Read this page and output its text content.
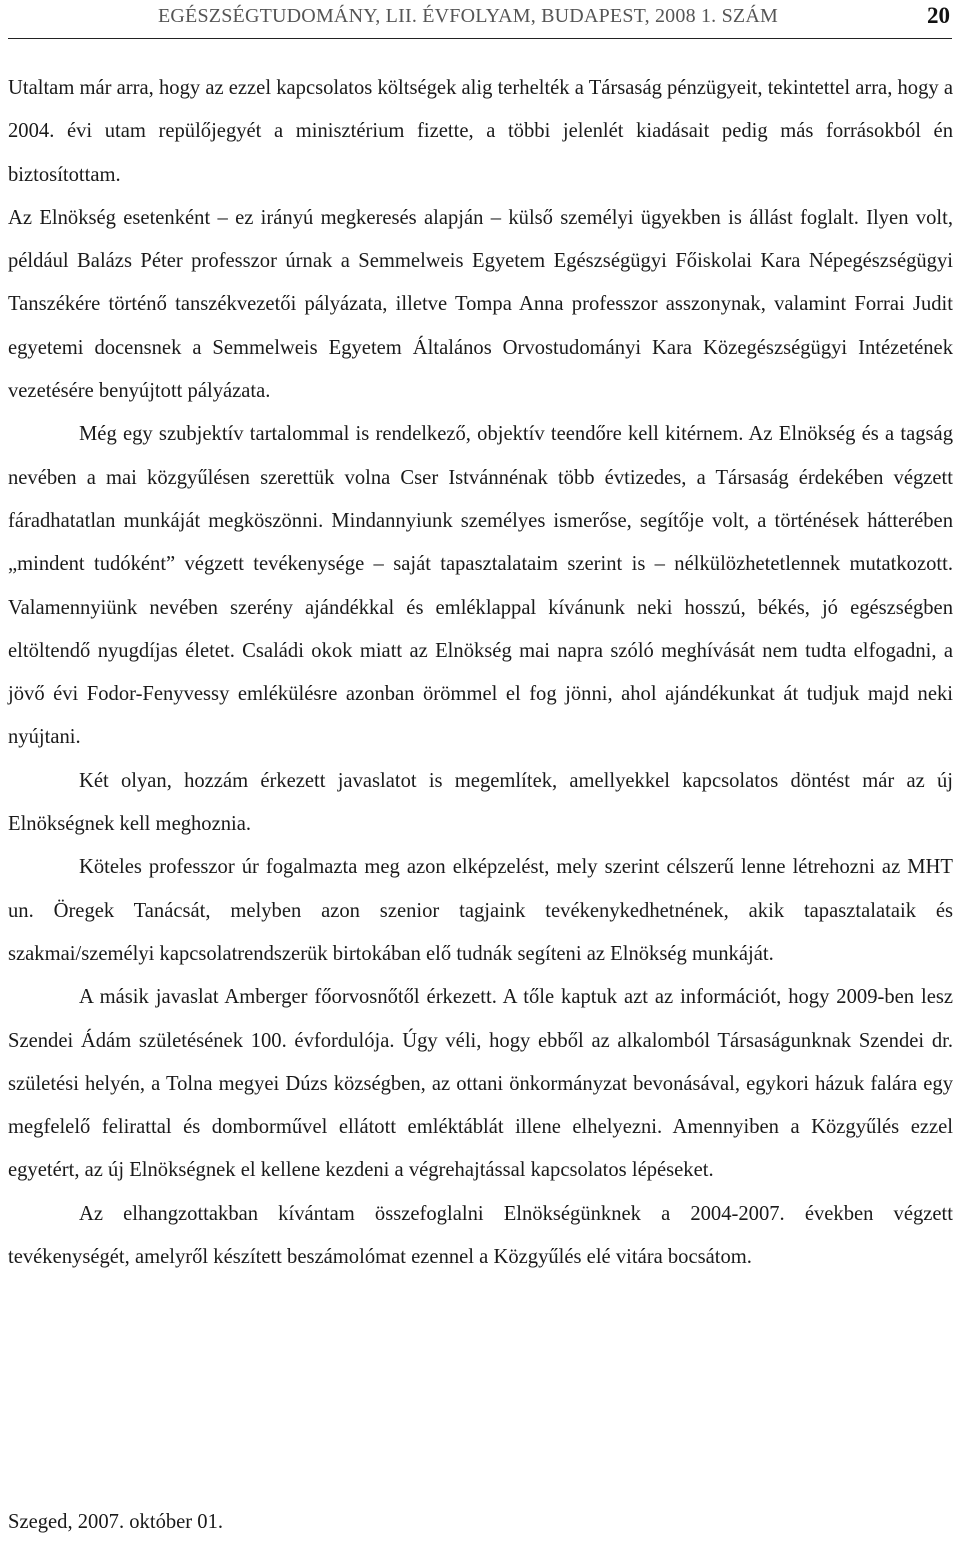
EGÉSZSÉGTUDOMÁNY, LII. ÉVFOLYAM, BUDAPEST, 2008 1. SZÁM	20

Utaltam már arra, hogy az ezzel kapcsolatos költségek alig terhelték a Társaság pénzügyeit, tekintettel arra, hogy a 2004. évi utam repülőjegyét a minisztérium fizette, a többi jelenlét kiadásait pedig más forrásokból én biztosítottam.

Az Elnökség esetenként – ez irányú megkeresés alapján – külső személyi ügyekben is állást foglalt. Ilyen volt, például Balázs Péter professzor úrnak a Semmelweis Egyetem Egészségügyi Főiskolai Kara Népegészségügyi Tanszékére történő tanszékvezetői pályázata, illetve Tompa Anna professzor asszonynak, valamint Forrai Judit egyetemi docensnek a Semmelweis Egyetem Általános Orvostudományi Kara Közegészségügyi Intézetének vezetésére benyújtott pályázata.

Még egy szubjektív tartalommal is rendelkező, objektív teendőre kell kitérnem. Az Elnökség és a tagság nevében a mai közgyűlésen szerettük volna Cser Istvánnénak több évtizedes, a Társaság érdekében végzett fáradhatatlan munkáját megköszönni. Mindannyiunk személyes ismerőse, segítője volt, a történések hátterében „mindent tudóként” végzett tevékenysége – saját tapasztalataim szerint is – nélkülözhetetlennek mutatkozott. Valamennyiünk nevében szerény ajándékkal és emléklappal kívánunk neki hosszú, békés, jó egészségben eltöltendő nyugdíjas életet. Családi okok miatt az Elnökség mai napra szóló meghívását nem tudta elfogadni, a jövő évi Fodor-Fenyvessy emlékülésre azonban örömmel el fog jönni, ahol ajándékunkat át tudjuk majd neki nyújtani.

Két olyan, hozzám érkezett javaslatot is megemlítek, amellyekkel kapcsolatos döntést már az új Elnökségnek kell meghoznia.

Köteles professzor úr fogalmazta meg azon elképzelést, mely szerint célszerű lenne létrehozni az MHT un. Öregek Tanácsát, melyben azon szenior tagjaink tevékenykedhetnének, akik tapasztalataik és szakmai/személyi kapcsolatrendszerük birtokában elő tudnák segíteni az Elnökség munkáját.

A másik javaslat Amberger főorvosnőtől érkezett. A tőle kaptuk azt az információt, hogy 2009-ben lesz Szendei Ádám születésének 100. évfordulója. Úgy véli, hogy ebből az alkalomból Társaságunknak Szendei dr. születési helyén, a Tolna megyei Dúzs községben, az ottani önkormányzat bevonásával, egykori házuk falára egy megfelelő felirattal és domborművel ellátott emléktáblát illene elhelyezni. Amennyiben a Közgyűlés ezzel egyetért, az új Elnökségnek el kellene kezdeni a végrehajtással kapcsolatos lépéseket.

Az elhangzottakban kívántam összefoglalni Elnökségünknek a 2004-2007. években végzett tevékenységét, amelyről készített beszámolómat ezennel a Közgyűlés elé vitára bocsátom.

Szeged, 2007. október 01.
